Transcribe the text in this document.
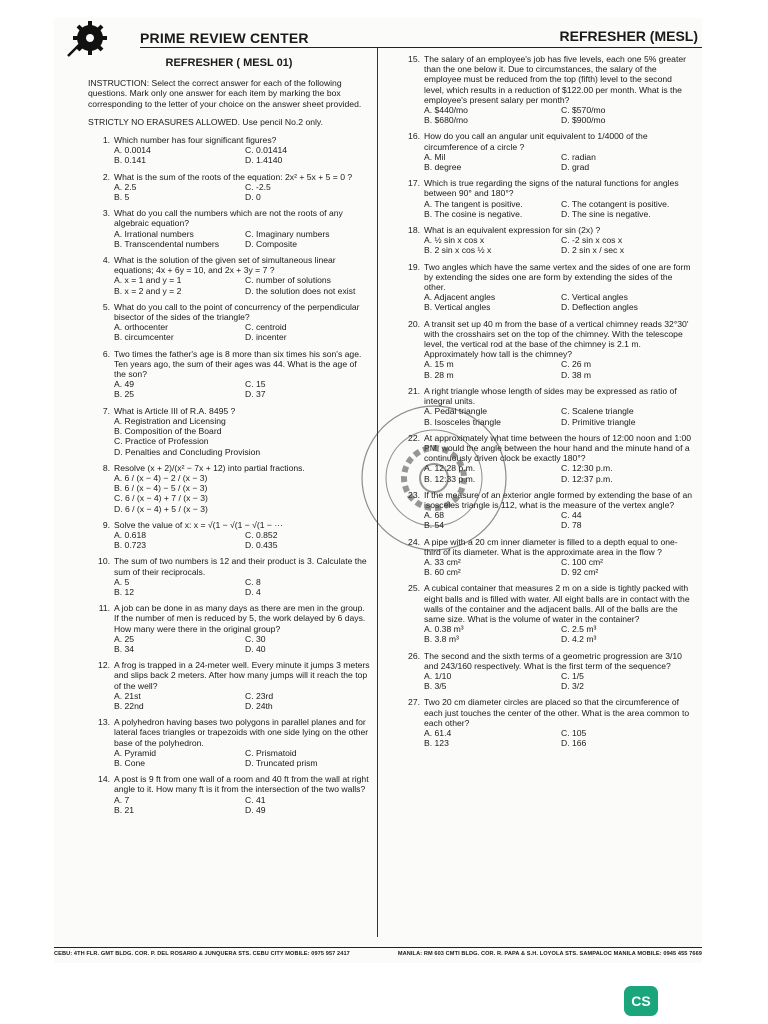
PRIME REVIEW CENTER	REFRESHER (MESL)
REFRESHER ( MESL 01)
INSTRUCTION: Select the correct answer for each of the following questions. Mark only one answer for each item by marking the box corresponding to the letter of your choice on the answer sheet provided.
STRICTLY NO ERASURES ALLOWED. Use pencil No.2 only.
1. Which number has four significant figures?
A. 0.0014	C. 0.01414
B. 0.141	D. 1.4140
2. What is the sum of the roots of the equation: 2x² + 5x + 5 = 0 ?
A. 2.5	C. -2.5
B. 5	D. 0
3. What do you call the numbers which are not the roots of any algebraic equation?
A. Irrational numbers	C. Imaginary numbers
B. Transcendental numbers	D. Composite
4. What is the solution of the given set of simultaneous linear equations; 4x + 6y = 10, and 2x + 3y = 7 ?
A. x = 1 and y = 1	C. number of solutions
B. x = 2 and y = 2	D. the solution does not exist
5. What do you call to the point of concurrency of the perpendicular bisector of the sides of the triangle?
A. orthocenter	C. centroid
B. circumcenter	D. incenter
6. Two times the father's age is 8 more than six times his son's age. Ten years ago, the sum of their ages was 44. What is the age of the son?
A. 49	C. 15
B. 25	D. 37
7. What is Article III of R.A. 8495 ?
A. Registration and Licensing
B. Composition of the Board
C. Practice of Profession
D. Penalties and Concluding Provision
8. Resolve (x + 2)/(x² − 7x + 12) into partial fractions.
A. 6 / (x − 4) − 2 / (x − 3)
B. 6 / (x − 4) − 5 / (x − 3)
C. 6 / (x − 4) + 7 / (x − 3)
D. 6 / (x − 4) + 5 / (x − 3)
9. Solve the value of x: x = √(1 − √(1 − √(1 − ···
A. 0.618	C. 0.852
B. 0.723	D. 0.435
10. The sum of two numbers is 12 and their product is 3. Calculate the sum of their reciprocals.
A. 5	C. 8
B. 12	D. 4
11. A job can be done in as many days as there are men in the group. If the number of men is reduced by 5, the work delayed by 6 days. How many were there in the original group?
A. 25	C. 30
B. 34	D. 40
12. A frog is trapped in a 24-meter well. Every minute it jumps 3 meters and slips back 2 meters. After how many jumps will it reach the top of the well?
A. 21st	C. 23rd
B. 22nd	D. 24th
13. A polyhedron having bases two polygons in parallel planes and for lateral faces triangles or trapezoids with one side lying on the other base of the polyhedron.
A. Pyramid	C. Prismatoid
B. Cone	D. Truncated prism
14. A post is 9 ft from one wall of a room and 40 ft from the wall at right angle to it. How many ft is it from the intersection of the two walls?
A. 7	C. 41
B. 21	D. 49
15. The salary of an employee's job has five levels, each one 5% greater than the one below it. Due to circumstances, the salary of the employee must be reduced from the top (fifth) level to the second level, which results in a reduction of $122.00 per month. What is the employee's present salary per month?
A. $440/mo	C. $570/mo
B. $680/mo	D. $900/mo
16. How do you call an angular unit equivalent to 1/4000 of the circumference of a circle ?
A. Mil	C. radian
B. degree	D. grad
17. Which is true regarding the signs of the natural functions for angles between 90° and 180°?
A. The tangent is positive.	C. The cotangent is positive.
B. The cosine is negative.	D. The sine is negative.
18. What is an equivalent expression for sin (2x) ?
A. ½ sin x cos x	C. -2 sin x cos x
B. 2 sin x cos ½ x	D. 2 sin x / sec x
19. Two angles which have the same vertex and the sides of one are form by extending the sides one are form by extending the sides of the other.
A. Adjacent angles	C. Vertical angles
B. Vertical angles	D. Deflection angles
20. A transit set up 40 m from the base of a vertical chimney reads 32°30' with the crosshairs set on the top of the chimney. With the telescope level, the vertical rod at the base of the chimney is 2.1 m. Approximately how tall is the chimney?
A. 15 m	C. 26 m
B. 28 m	D. 38 m
21. A right triangle whose length of sides may be expressed as ratio of integral units.
A. Pedal triangle	C. Scalene triangle
B. Isosceles triangle	D. Primitive triangle
22. At approximately what time between the hours of 12:00 noon and 1:00 PM, would the angle between the hour hand and the minute hand of a continuously driven clock be exactly 180°?
A. 12:28 p.m.	C. 12:30 p.m.
B. 12:33 p.m.	D. 12:37 p.m.
23. If the measure of an exterior angle formed by extending the base of an isosceles triangle is 112, what is the measure of the vertex angle?
A. 68	C. 44
B. 54	D. 78
24. A pipe with a 20 cm inner diameter is filled to a depth equal to one-third of its diameter. What is the approximate area in the flow ?
A. 33 cm²	C. 100 cm²
B. 60 cm²	D. 92 cm²
25. A cubical container that measures 2 m on a side is tightly packed with eight balls and is filled with water. All eight balls are in contact with the walls of the container and the adjacent balls. All of the balls are the same size. What is the volume of water in the container?
A. 0.38 m³	C. 2.5 m³
B. 3.8 m³	D. 4.2 m³
26. The second and the sixth terms of a geometric progression are 3/10 and 243/160 respectively. What is the first term of the sequence?
A. 1/10	C. 1/5
B. 3/5	D. 3/2
27. Two 20 cm diameter circles are placed so that the circumference of each just touches the center of the other. What is the area common to each other?
A. 61.4	C. 105
B. 123	D. 166
CEBU: 4TH FLR. GMT BLDG. COR. P. DEL ROSARIO & JUNQUERA STS. CEBU CITY MOBILE: 0975 957 2417	MANILA: RM 603 CMTI BLDG. COR. R. PAPA & S.H. LOYOLA STS. SAMPALOC MANILA MOBILE: 0945 455 7669
CS
